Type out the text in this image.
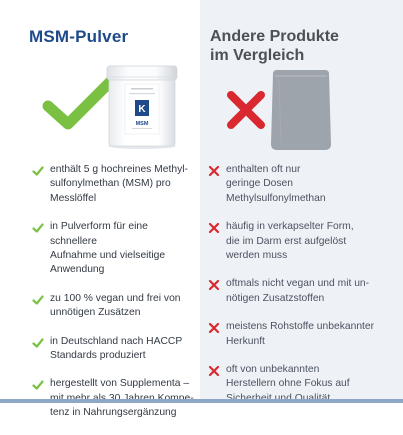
MSM-Pulver
K
MSM
enthält 5 g hochreines Methyl-
sulfonylmethan (MSM) pro
Messlöffel
in Pulverform für eine schnellere
Aufnahme und vielseitige
Anwendung
zu 100 % vegan und frei von
unnötigen Zusätzen
in Deutschland nach HACCP
Standards produziert
hergestellt von Supplementa –

tenz in Nahrungsergänzung
Andere Produkte
im Vergleich
enthalten oft nur
geringe Dosen
Methylsulfonylmethan
häufig in verkapselter Form,
die im Darm erst aufgelöst
werden muss
oftmals nicht vegan und mit un-
nötigen Zusatzstoffen
meistens Rohstoffe unbekannter
Herkunft
oft von unbekannten
Herstellern ohne Fokus auf
